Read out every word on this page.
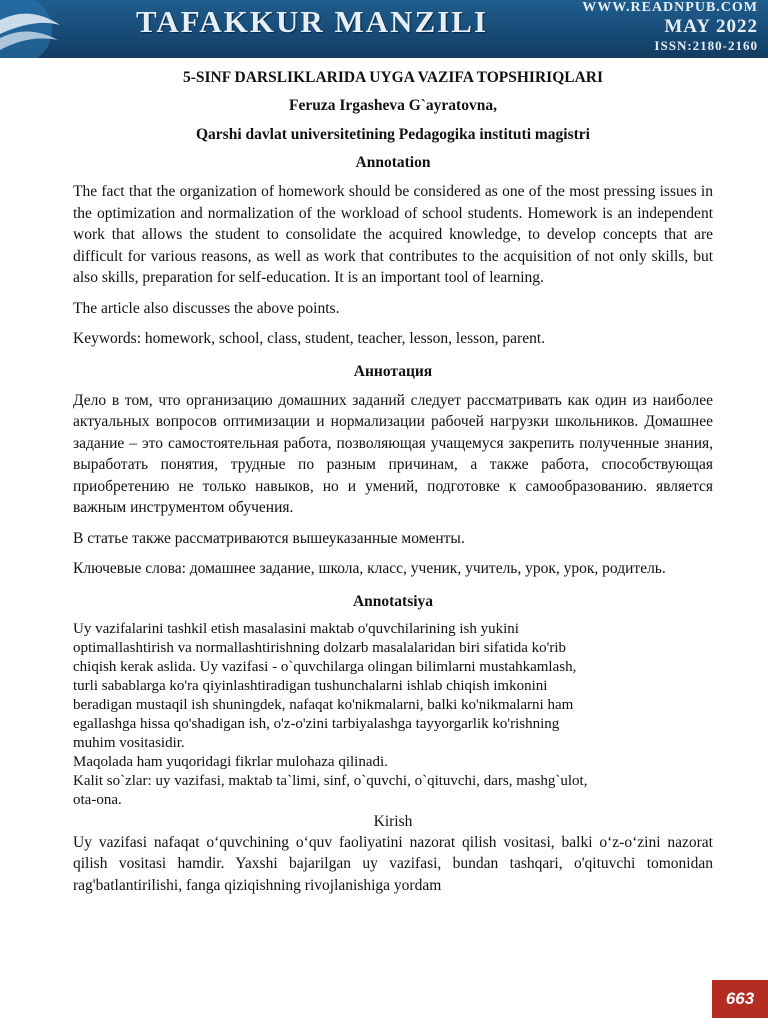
TAFAKKUR MANZILI	WWW.READNPUB.COM
MAY 2022
ISSN:2180-2160
5-SINF DARSLIKLARIDA UYGA VAZIFA TOPSHIRIQLARI
Feruza Irgasheva G`ayratovna,
Qarshi davlat universitetining Pedagogika instituti magistri
Annotation

The fact that the organization of homework should be considered as one of the most pressing issues in the optimization and normalization of the workload of school students. Homework is an independent work that allows the student to consolidate the acquired knowledge, to develop concepts that are difficult for various reasons, as well as work that contributes to the acquisition of not only skills, but also skills, preparation for self-education. It is an important tool of learning.

The article also discusses the above points.

Keywords: homework, school, class, student, teacher, lesson, lesson, parent.

Аннотация

Дело в том, что организацию домашних заданий следует рассматривать как один из наиболее актуальных вопросов оптимизации и нормализации рабочей нагрузки школьников. Домашнее задание – это самостоятельная работа, позволяющая учащемуся закрепить полученные знания, выработать понятия, трудные по разным причинам, а также работа, способствующая приобретению не только навыков, но и умений, подготовке к самообразованию. является важным инструментом обучения.

В статье также рассматриваются вышеуказанные моменты.

Ключевые слова: домашнее задание, школа, класс, ученик, учитель, урок, урок, родитель.

Annotatsiya

Uy vazifalarini tashkil etish masalasini maktab o'quvchilarining ish yukini

optimallashtirish va normallashtirishning dolzarb masalalaridan biri sifatida ko'rib

chiqish kerak aslida. Uy vazifasi - o`quvchilarga olingan bilimlarni mustahkamlash,

turli sabablarga ko'ra qiyinlashtiradigan tushunchalarni ishlab chiqish imkonini

beradigan mustaqil ish shuningdek, nafaqat ko'nikmalarni, balki ko'nikmalarni ham

egallashga hissa qo'shadigan ish, o'z-o'zini tarbiyalashga tayyorgarlik ko'rishning

muhim vositasidir.

Maqolada ham yuqoridagi fikrlar mulohaza qilinadi.

Kalit so`zlar: uy vazifasi, maktab ta`limi, sinf, o`quvchi, o`qituvchi, dars, mashg`ulot,

ota-ona.

Kirish

Uy vazifasi nafaqat o‘quvchining o‘quv faoliyatini nazorat qilish vositasi, balki o‘z-o‘zini nazorat qilish vositasi hamdir. Yaxshi bajarilgan uy vazifasi, bundan tashqari, o'qituvchi tomonidan rag'batlantirilishi, fanga qiziqishning rivojlanishiga yordam

663
